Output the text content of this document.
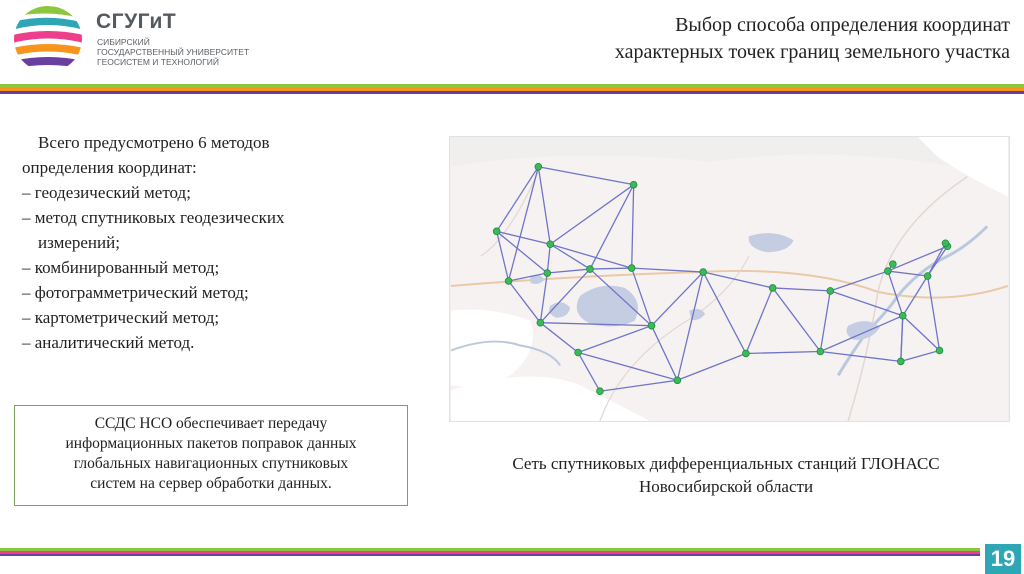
СГУГиТ
СИБИРСКИЙ
ГОСУДАРСТВЕННЫЙ УНИВЕРСИТЕТ
ГЕОСИСТЕМ И ТЕХНОЛОГИЙ
Выбор способа определения координат
характерных точек границ земельного участка
Всего предусмотрено 6 методов
определения координат:
– геодезический метод;
– метод спутниковых геодезических
измерений;
– комбинированный метод;
– фотограмметрический метод;
– картометрический метод;
– аналитический метод.
ССДС НСО обеспечивает передачу
информационных пакетов поправок данных
глобальных навигационных спутниковых
систем на сервер обработки данных.
Сеть спутниковых дифференциальных станций ГЛОНАСС
Новосибирской области
19
